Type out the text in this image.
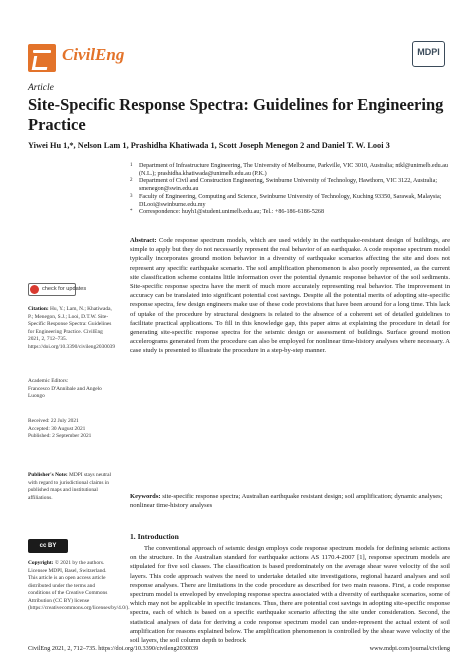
CivilEng	MDPI
Article
Site-Specific Response Spectra: Guidelines for Engineering Practice
Yiwei Hu 1,*, Nelson Lam 1, Prashidha Khatiwada 1, Scott Joseph Menegon 2 and Daniel T. W. Looi 3
1 Department of Infrastructure Engineering, The University of Melbourne, Parkville, VIC 3010, Australia; ntkl@unimelb.edu.au (N.L.); prashidha.khatiwada@unimelb.edu.au (P.K.)
2 Department of Civil and Construction Engineering, Swinburne University of Technology, Hawthorn, VIC 3122, Australia; smenegon@swin.edu.au
3 Faculty of Engineering, Computing and Science, Swinburne University of Technology, Kuching 93350, Sarawak, Malaysia; DLooi@swinburne.edu.my
* Correspondence: huyh1@student.unimelb.edu.au; Tel.: +86-186-6186-5268
Abstract: Code response spectrum models, which are used widely in the earthquake-resistant design of buildings, are simple to apply but they do not necessarily represent the real behavior of an earthquake. A code response spectrum model typically incorporates ground motion behavior in a diversity of earthquake scenarios affecting the site and does not represent any specific earthquake scenario. The soil amplification phenomenon is also poorly represented, as the current site classification scheme contains little information over the potential dynamic response behavior of the soil sediments. Site-specific response spectra have the merit of much more accurately representing real behavior. The improvement in accuracy can be translated into significant potential cost savings. Despite all the potential merits of adopting site-specific response spectra, few design engineers make use of these code provisions that have been around for a long time. This lack of uptake of the procedure by structural designers is related to the absence of a coherent set of detailed guidelines to facilitate practical applications. To fill in this knowledge gap, this paper aims at explaining the procedure in detail for generating site-specific response spectra for the seismic design or assessment of buildings. Surface ground motion accelerograms generated from the procedure can also be employed for nonlinear time-history analyses where necessary. A case study is presented to illustrate the procedure in a step-by-step manner.
Keywords: site-specific response spectra; Australian earthquake resistant design; soil amplification; dynamic analyses; nonlinear time-history analyses
1. Introduction
The conventional approach of seismic design employs code response spectrum models for defining seismic actions on the structure. In the Australian standard for earthquake actions AS 1170.4-2007 [1], response spectrum models are stipulated for five soil classes. The classification is based predominately on the average shear wave velocity of the soil layers. This code approach waives the need to undertake detailed site investigations, regional hazard analyses and soil response analyses. There are limitations in the code procedure as described for two main reasons. First, a code response spectrum model is enveloped by enveloping response spectra associated with a diversity of earthquake scenarios, some of which may not be applicable in specific instances. Thus, there are potential cost savings in adopting site-specific response spectra, each of which is based on a specific earthquake scenario affecting the site under consideration. Second, the statistical analyses of data for deriving a code response spectrum model can under-represent the actual extent of soil amplification for reasons explained below. The amplification phenomenon is controlled by the shear wave velocity of the soil layers, the soil column depth to bedrock
check for updates
Citation: Hu, Y.; Lam, N.; Khatiwada, P.; Menegon, S.J.; Looi, D.T.W. Site-Specific Response Spectra: Guidelines for Engineering Practice. CivilEng 2021, 2, 712–735. https://doi.org/10.3390/civileng2030039
Academic Editors:
Francesco D'Annibale and Angelo Luongo
Received: 22 July 2021
Accepted: 30 August 2021
Published: 2 September 2021
Publisher's Note: MDPI stays neutral with regard to jurisdictional claims in published maps and institutional affiliations.
cc BY
Copyright: © 2021 by the authors. Licensee MDPI, Basel, Switzerland. This article is an open access article distributed under the terms and conditions of the Creative Commons Attribution (CC BY) license (https://creativecommons.org/licenses/by/4.0/).
CivilEng 2021, 2, 712–735. https://doi.org/10.3390/civileng2030039	www.mdpi.com/journal/civileng
